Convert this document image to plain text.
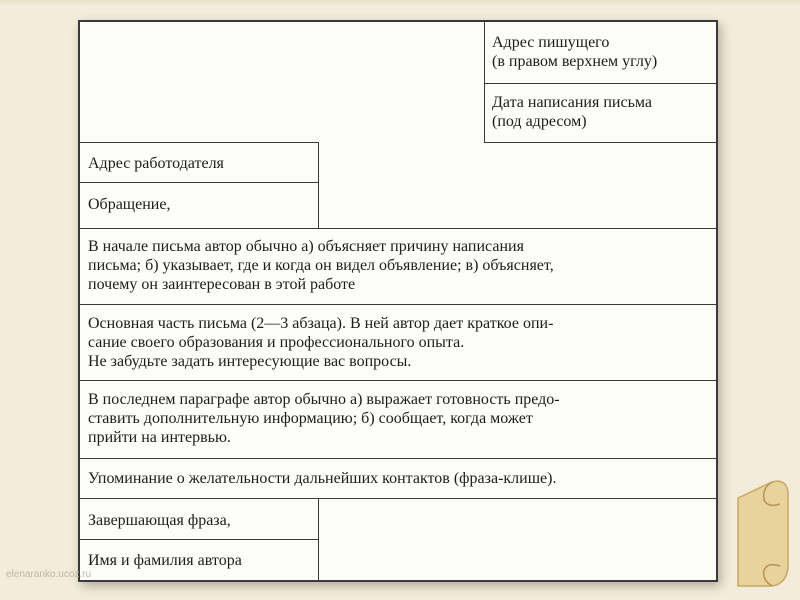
Адрес пишущего
(в правом верхнем углу)
Дата написания письма
(под адресом)
Адрес работодателя
Обращение,
В начале письма автор обычно а) объясняет причину написания
письма; б) указывает, где и когда он видел объявление; в) объясняет,
почему он заинтересован в этой работе
Основная часть письма (2—3 абзаца). В ней автор дает краткое опи-
сание своего образования и профессионального опыта.
Не забудьте задать интересующие вас вопросы.
В последнем параграфе автор обычно а) выражает готовность предо-
ставить дополнительную информацию; б) сообщает, когда может
прийти на интервью.
Упоминание о желательности дальнейших контактов (фраза-клише).
Завершающая фраза,
Имя и фамилия автора
elenaranko.ucoz.ru
